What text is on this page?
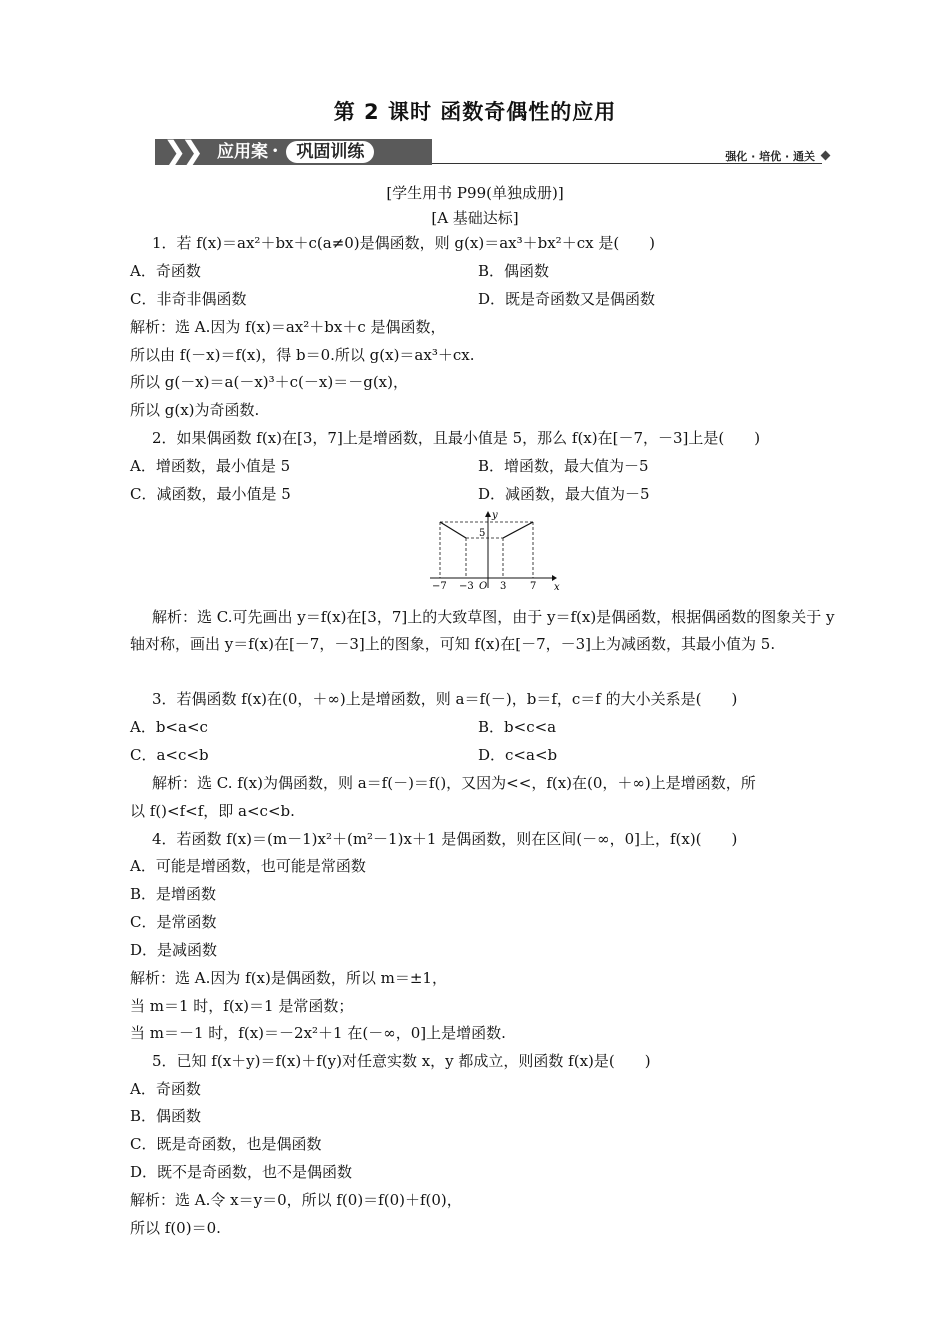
第 2 课时 函数奇偶性的应用
❯❯ 应用案 • 巩固训练	强化 · 培优 · 通关
[学生用书 P99(单独成册)]
[A 基础达标]
1．若 f(x)＝ax²＋bx＋c(a≠0)是偶函数，则 g(x)＝ax³＋bx²＋cx 是(　　)
A．奇函数	B．偶函数
C．非奇非偶函数	D．既是奇函数又是偶函数
解析：选 A.因为 f(x)＝ax²＋bx＋c 是偶函数，
所以由 f(－x)＝f(x)，得 b＝0.所以 g(x)＝ax³＋cx.
所以 g(－x)＝a(－x)³＋c(－x)＝－g(x)，
所以 g(x)为奇函数.
2．如果偶函数 f(x)在[3，7]上是增函数，且最小值是 5，那么 f(x)在[－7，－3]上是(　　)
A．增函数，最小值是 5	B．增函数，最大值为－5
C．减函数，最小值是 5	D．减函数，最大值为－5
y
5
x
−7 −3 O 3 7
解析：选 C.可先画出 y＝f(x)在[3，7]上的大致草图，由于 y＝f(x)是偶函数，根据偶函数的图象关于 y 轴对称，画出 y＝f(x)在[－7，－3]上的图象，可知 f(x)在[－7，－3]上为减函数，其最小值为 5.
3．若偶函数 f(x)在(0，＋∞)上是增函数，则 a＝f(－)，b＝f，c＝f 的大小关系是(　　)
A．b<a<c	B．b<c<a
C．a<c<b	D．c<a<b
解析：选 C. f(x)为偶函数，则 a＝f(－)＝f()，又因为<<，f(x)在(0，＋∞)上是增函数，所
以 f()<f<f，即 a<c<b.
4．若函数 f(x)＝(m－1)x²＋(m²－1)x＋1 是偶函数，则在区间(－∞，0]上，f(x)(　　)
A．可能是增函数，也可能是常函数
B．是增函数
C．是常函数
D．是减函数
解析：选 A.因为 f(x)是偶函数，所以 m＝±1，
当 m＝1 时，f(x)＝1 是常函数；
当 m＝－1 时，f(x)＝－2x²＋1 在(－∞，0]上是增函数.
5．已知 f(x＋y)＝f(x)＋f(y)对任意实数 x，y 都成立，则函数 f(x)是(　　)
A．奇函数
B．偶函数
C．既是奇函数，也是偶函数
D．既不是奇函数，也不是偶函数
解析：选 A.令 x＝y＝0，所以 f(0)＝f(0)＋f(0)，
所以 f(0)＝0.
